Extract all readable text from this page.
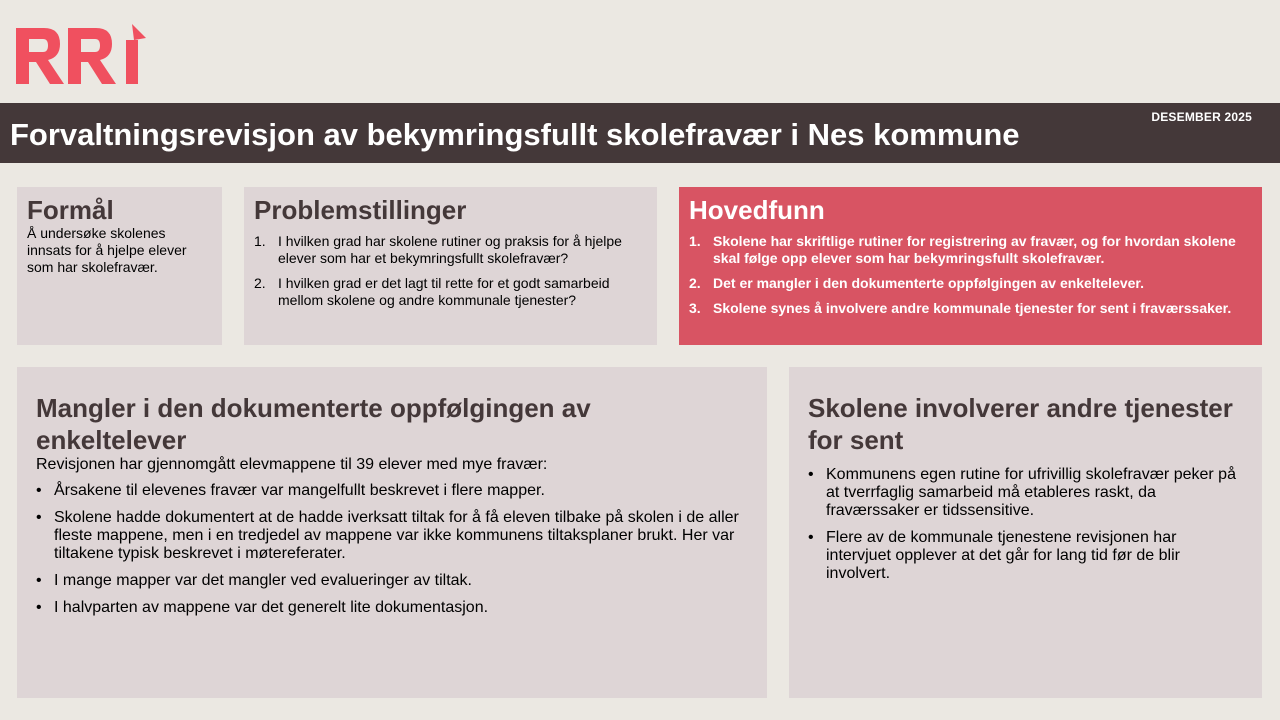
Forvaltningsrevisjon av bekymringsfullt skolefravær i Nes kommune	DESEMBER 2025
Formål

Å undersøke skolenes innsats for å hjelpe elever som har skolefravær.

Problemstillinger
1. I hvilken grad har skolene rutiner og praksis for å hjelpe elever som har et bekymringsfullt skolefravær?
2. I hvilken grad er det lagt til rette for et godt samarbeid mellom skolene og andre kommunale tjenester?
Hovedfunn
1. Skolene har skriftlige rutiner for registrering av fravær, og for hvordan skolene skal følge opp elever som har bekymringsfullt skolefravær.
2. Det er mangler i den dokumenterte oppfølgingen av enkeltelever.
3. Skolene synes å involvere andre kommunale tjenester for sent i fraværssaker.
Mangler i den dokumenterte oppfølgingen av enkeltelever

Revisjonen har gjennomgått elevmappene til 39 elever med mye fravær:

• Årsakene til elevenes fravær var mangelfullt beskrevet i flere mapper.
• Skolene hadde dokumentert at de hadde iverksatt tiltak for å få eleven tilbake på skolen i de aller fleste mappene, men i en tredjedel av mappene var ikke kommunens tiltaksplaner brukt. Her var tiltakene typisk beskrevet i møtereferater.
• I mange mapper var det mangler ved evalueringer av tiltak.
• I halvparten av mappene var det generelt lite dokumentasjon.
Skolene involverer andre tjenester for sent
• Kommunens egen rutine for ufrivillig skolefravær peker på at tverrfaglig samarbeid må etableres raskt, da fraværssaker er tidssensitive.
• Flere av de kommunale tjenestene revisjonen har intervjuet opplever at det går for lang tid før de blir involvert.
